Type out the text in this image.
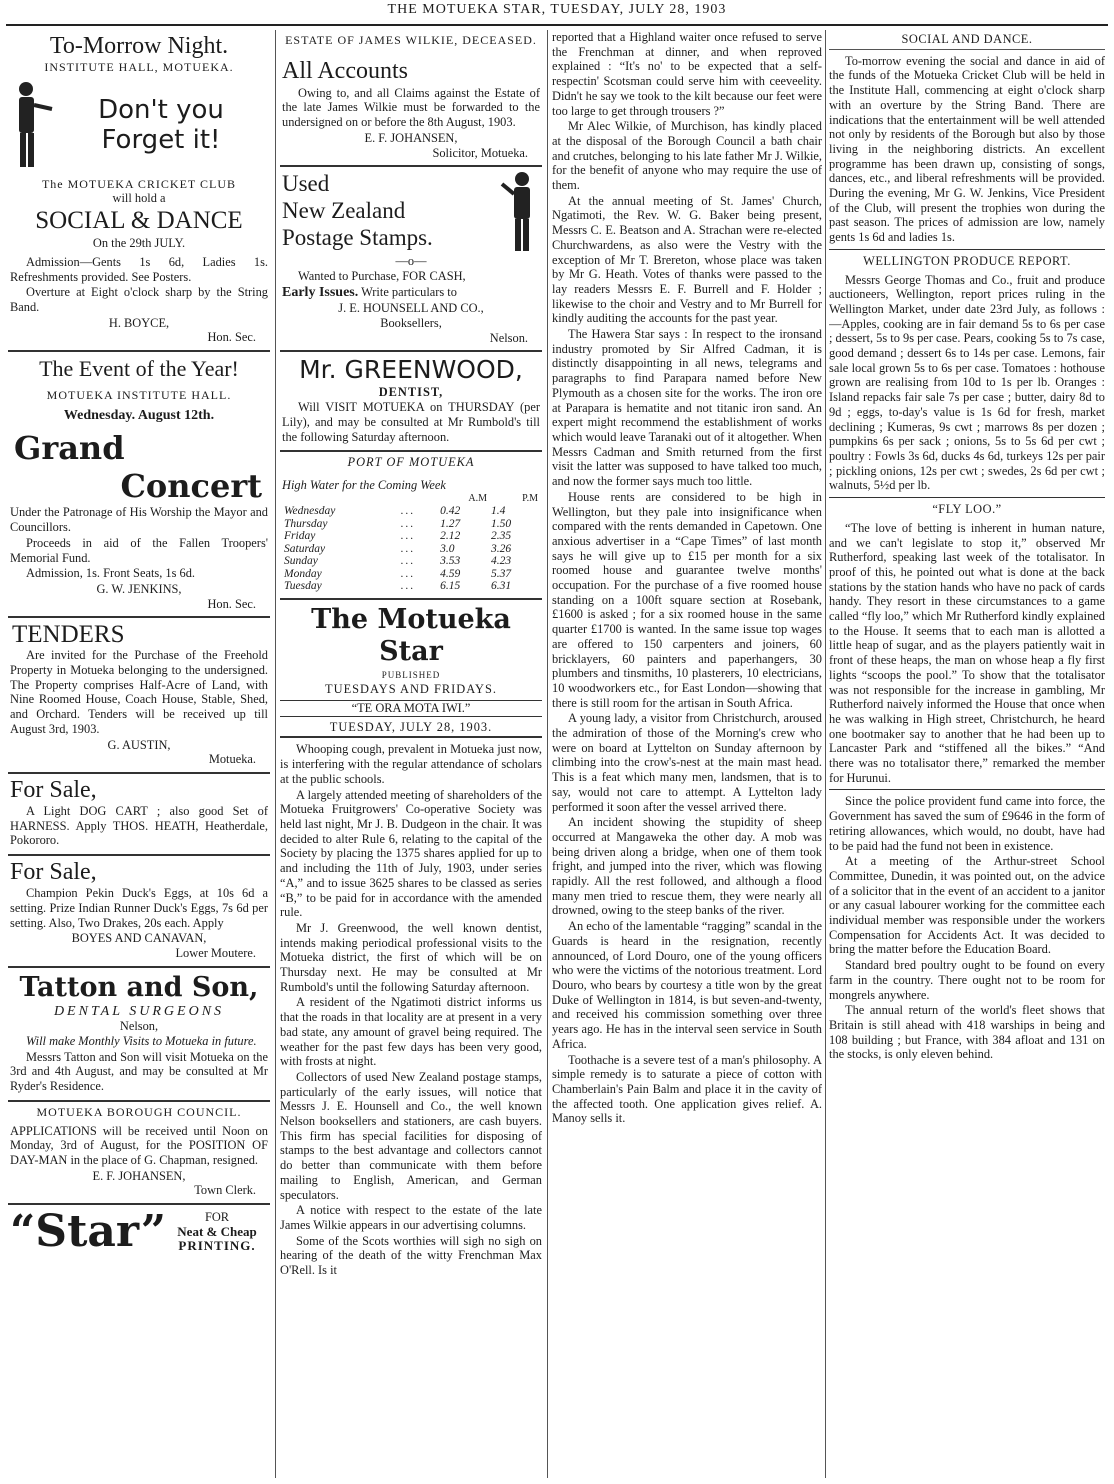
THE MOTUEKA STAR, TUESDAY, JULY 28, 1903
To-Morrow Night.
INSTITUTE HALL, MOTUEKA.
Don't you
Forget it!
The MOTUEKA CRICKET CLUB
will hold a
SOCIAL & DANCE
On the 29th JULY.

Admission—Gents 1s 6d, Ladies 1s. Refreshments provided. See Posters.

Overture at Eight o'clock sharp by the String Band.

H. BOYCE,
Hon. Sec.
The Event of the Year!
MOTUEKA INSTITUTE HALL.
Wednesday. August 12th.
Grand
Concert

Under the Patronage of His Worship the Mayor and Councillors.

Proceeds in aid of the Fallen Troopers' Memorial Fund.

Admission, 1s. Front Seats, 1s 6d.

G. W. JENKINS,
Hon. Sec.
TENDERS

Are invited for the Purchase of the Freehold Property in Motueka belonging to the undersigned. The Property comprises Half-Acre of Land, with Nine Roomed House, Coach House, Stable, Shed, and Orchard. Tenders will be received up till August 3rd, 1903.

G. AUSTIN,
Motueka.
For Sale,

A Light DOG CART ; also good Set of HARNESS. Apply THOS. HEATH, Heatherdale, Pokororo.

For Sale,

Champion Pekin Duck's Eggs, at 10s 6d a setting. Prize Indian Runner Duck's Eggs, 7s 6d per setting. Also, Two Drakes, 20s each. Apply

BOYES AND CANAVAN,
Lower Moutere.
Tatton and Son,
DENTAL SURGEONS
Nelson,

Will make Monthly Visits to Motueka in future.

Messrs Tatton and Son will visit Motueka on the 3rd and 4th August, and may be consulted at Mr Ryder's Residence.

MOTUEKA BOROUGH COUNCIL.

APPLICATIONS will be received until Noon on Monday, 3rd of August, for the POSITION OF DAY-MAN in the place of G. Chapman, resigned.

E. F. JOHANSEN,
Town Clerk.
“Star”	FOR
Neat & Cheap
PRINTING.
ESTATE OF JAMES WILKIE, DECEASED.
All Accounts

Owing to, and all Claims against the Estate of the late James Wilkie must be forwarded to the undersigned on or before the 8th August, 1903.

E. F. JOHANSEN,
Solicitor, Motueka.
Used
New Zealand
Postage Stamps.
—o—

Wanted to Purchase, FOR CASH,

Early Issues. Write particulars to

J. E. HOUNSELL AND CO.,
Booksellers,
Nelson.
Mr. GREENWOOD,
DENTIST,

Will VISIT MOTUEKA on THURSDAY (per Lily), and may be consulted at Mr Rumbold's till the following Saturday afternoon.

PORT OF MOTUEKA
High Water for the Coming Week
		A.M	P.M
Wednesday	...	0.42	1.4
Thursday	...	1.27	1.50
Friday	...	2.12	2.35
Saturday	...	3.0	3.26
Sunday	...	3.53	4.23
Monday	...	4.59	5.37
Tuesday	...	6.15	6.31
The Motueka Star
PUBLISHED
TUESDAYS AND FRIDAYS.
“TE ORA MOTA IWI.”
TUESDAY, JULY 28, 1903.

Whooping cough, prevalent in Motueka just now, is interfering with the regular attendance of scholars at the public schools.

A largely attended meeting of shareholders of the Motueka Fruitgrowers' Co-operative Society was held last night, Mr J. B. Dudgeon in the chair. It was decided to alter Rule 6, relating to the capital of the Society by placing the 1375 shares applied for up to and including the 11th of July, 1903, under series “A,” and to issue 3625 shares to be classed as series “B,” to be paid for in accordance with the amended rule.

Mr J. Greenwood, the well known dentist, intends making periodical professional visits to the Motueka district, the first of which will be on Thursday next. He may be consulted at Mr Rumbold's until the following Saturday afternoon.

A resident of the Ngatimoti district informs us that the roads in that locality are at present in a very bad state, any amount of gravel being required. The weather for the past few days has been very good, with frosts at night.

Collectors of used New Zealand postage stamps, particularly of the early issues, will notice that Messrs J. E. Hounsell and Co., the well known Nelson booksellers and stationers, are cash buyers. This firm has special facilities for disposing of stamps to the best advantage and collectors cannot do better than communicate with them before mailing to English, American, and German speculators.

A notice with respect to the estate of the late James Wilkie appears in our advertising columns.

Some of the Scots worthies will sigh no sigh on hearing of the death of the witty Frenchman Max O'Rell. Is it

reported that a Highland waiter once refused to serve the Frenchman at dinner, and when reproved explained : “It's no' to be expected that a self-respectin' Scotsman could serve him with ceeveelity. Didn't he say we took to the kilt because our feet were too large to get through trousers ?”

Mr Alec Wilkie, of Murchison, has kindly placed at the disposal of the Borough Council a bath chair and crutches, belonging to his late father Mr J. Wilkie, for the benefit of anyone who may require the use of them.

At the annual meeting of St. James' Church, Ngatimoti, the Rev. W. G. Baker being present, Messrs C. E. Beatson and A. Strachan were re-elected Churchwardens, as also were the Vestry with the exception of Mr T. Brereton, whose place was taken by Mr G. Heath. Votes of thanks were passed to the lay readers Messrs E. F. Burrell and F. Holder ; likewise to the choir and Vestry and to Mr Burrell for kindly auditing the accounts for the past year.

The Hawera Star says : In respect to the ironsand industry promoted by Sir Alfred Cadman, it is distinctly disappointing in all news, telegrams and paragraphs to find Parapara named before New Plymouth as a chosen site for the works. The iron ore at Parapara is hematite and not titanic iron sand. An expert might recommend the establishment of works which would leave Taranaki out of it altogether. When Messrs Cadman and Smith returned from the first visit the latter was supposed to have talked too much, and now the former says much too little.

House rents are considered to be high in Wellington, but they pale into insignificance when compared with the rents demanded in Capetown. One anxious advertiser in a “Cape Times” of last month says he will give up to £15 per month for a six roomed house and guarantee twelve months' occupation. For the purchase of a five roomed house standing on a 100ft square section at Rosebank, £1600 is asked ; for a six roomed house in the same quarter £1700 is wanted. In the same issue top wages are offered to 150 carpenters and joiners, 60 bricklayers, 60 painters and paperhangers, 30 plumbers and tinsmiths, 10 plasterers, 10 electricians, 10 woodworkers etc., for East London—showing that there is still room for the artisan in South Africa.

A young lady, a visitor from Christchurch, aroused the admiration of those of the Morning's crew who were on board at Lyttelton on Sunday afternoon by climbing into the crow's-nest at the main mast head. This is a feat which many men, landsmen, that is to say, would not care to attempt. A Lyttelton lady performed it soon after the vessel arrived there.

An incident showing the stupidity of sheep occurred at Mangaweka the other day. A mob was being driven along a bridge, when one of them took fright, and jumped into the river, which was flowing rapidly. All the rest followed, and although a flood many men tried to rescue them, they were nearly all drowned, owing to the steep banks of the river.

An echo of the lamentable “ragging” scandal in the Guards is heard in the resignation, recently announced, of Lord Douro, one of the young officers who were the victims of the notorious treatment. Lord Douro, who bears by courtesy a title won by the great Duke of Wellington in 1814, is but seven-and-twenty, and received his commission something over three years ago. He has in the interval seen service in South Africa.

Toothache is a severe test of a man's philosophy. A simple remedy is to saturate a piece of cotton with Chamberlain's Pain Balm and place it in the cavity of the affected tooth. One application gives relief. A. Manoy sells it.

SOCIAL AND DANCE.

To-morrow evening the social and dance in aid of the funds of the Motueka Cricket Club will be held in the Institute Hall, commencing at eight o'clock sharp with an overture by the String Band. There are indications that the entertainment will be well attended not only by residents of the Borough but also by those living in the neighboring districts. An excellent programme has been drawn up, consisting of songs, dances, etc., and liberal refreshments will be provided. During the evening, Mr G. W. Jenkins, Vice President of the Club, will present the trophies won during the past season. The prices of admission are low, namely gents 1s 6d and ladies 1s.

WELLINGTON PRODUCE REPORT.

Messrs George Thomas and Co., fruit and produce auctioneers, Wellington, report prices ruling in the Wellington Market, under date 23rd July, as follows :—Apples, cooking are in fair demand 5s to 6s per case ; dessert, 5s to 9s per case. Pears, cooking 5s to 7s case, good demand ; dessert 6s to 14s per case. Lemons, fair sale local grown 5s to 6s per case. Tomatoes : hothouse grown are realising from 10d to 1s per lb. Oranges : Island repacks fair sale 7s per case ; butter, dairy 8d to 9d ; eggs, to-day's value is 1s 6d for fresh, market declining ; Kumeras, 9s cwt ; marrows 8s per dozen ; pumpkins 6s per sack ; onions, 5s to 5s 6d per cwt ; poultry : Fowls 3s 6d, ducks 4s 6d, turkeys 12s per pair ; pickling onions, 12s per cwt ; swedes, 2s 6d per cwt ; walnuts, 5½d per lb.

“FLY LOO.”

“The love of betting is inherent in human nature, and we can't legislate to stop it,” observed Mr Rutherford, speaking last week of the totalisator. In proof of this, he pointed out what is done at the back stations by the station hands who have no pack of cards handy. They resort in these circumstances to a game called “fly loo,” which Mr Rutherford kindly explained to the House. It seems that to each man is allotted a little heap of sugar, and as the players patiently wait in front of these heaps, the man on whose heap a fly first lights “scoops the pool.” To show that the totalisator was not responsible for the increase in gambling, Mr Rutherford naively informed the House that once when he was walking in High street, Christchurch, he heard one bootmaker say to another that he had been up to Lancaster Park and “stiffened all the bikes.” “And there was no totalisator there,” remarked the member for Hurunui.

Since the police provident fund came into force, the Government has saved the sum of £9646 in the form of retiring allowances, which would, no doubt, have had to be paid had the fund not been in existence.

At a meeting of the Arthur-street School Committee, Dunedin, it was pointed out, on the advice of a solicitor that in the event of an accident to a janitor or any casual labourer working for the committee each individual member was responsible under the workers Compensation for Accidents Act. It was decided to bring the matter before the Education Board.

Standard bred poultry ought to be found on every farm in the country. There ought not to be room for mongrels anywhere.

The annual return of the world's fleet shows that Britain is still ahead with 418 warships in being and 108 building ; but France, with 384 afloat and 131 on the stocks, is only eleven behind.
